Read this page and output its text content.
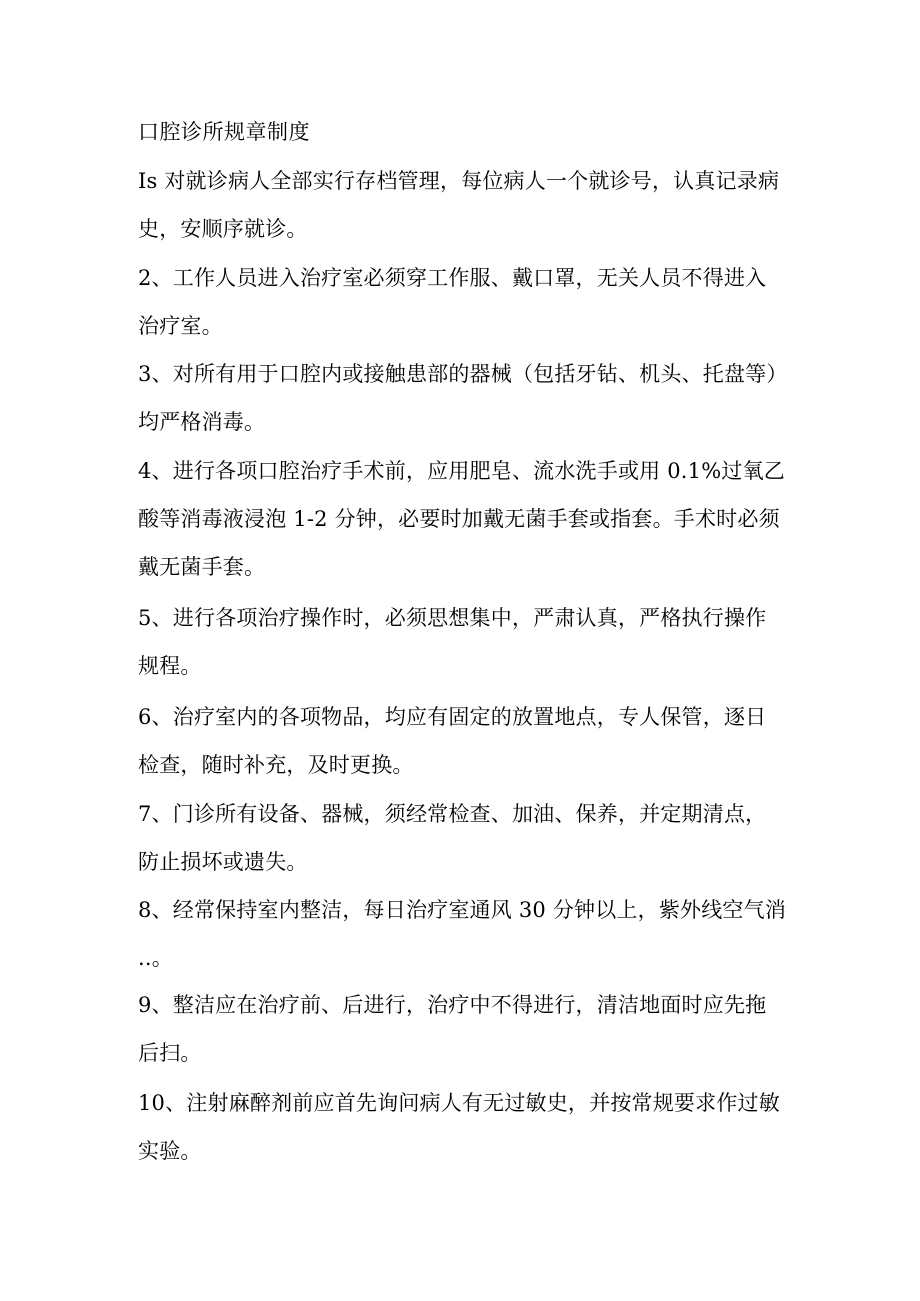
口腔诊所规章制度
Is 对就诊病人全部实行存档管理，每位病人一个就诊号，认真记录病
史，安顺序就诊。
2、工作人员进入治疗室必须穿工作服、戴口罩，无关人员不得进入
治疗室。
3、对所有用于口腔内或接触患部的器械（包括牙钻、机头、托盘等）
均严格消毒。
4、进行各项口腔治疗手术前，应用肥皂、流水洗手或用 0.1%过氧乙
酸等消毒液浸泡 1-2 分钟，必要时加戴无菌手套或指套。手术时必须
戴无菌手套。
5、进行各项治疗操作时，必须思想集中，严肃认真，严格执行操作
规程。
6、治疗室内的各项物品，均应有固定的放置地点，专人保管，逐日
检查，随时补充，及时更换。
7、门诊所有设备、器械，须经常检查、加油、保养，并定期清点，
防止损坏或遗失。
8、经常保持室内整洁，每日治疗室通风 30 分钟以上，紫外线空气消
..。
9、整洁应在治疗前、后进行，治疗中不得进行，清洁地面时应先拖
后扫。
10、注射麻醉剂前应首先询问病人有无过敏史，并按常规要求作过敏
实验。
